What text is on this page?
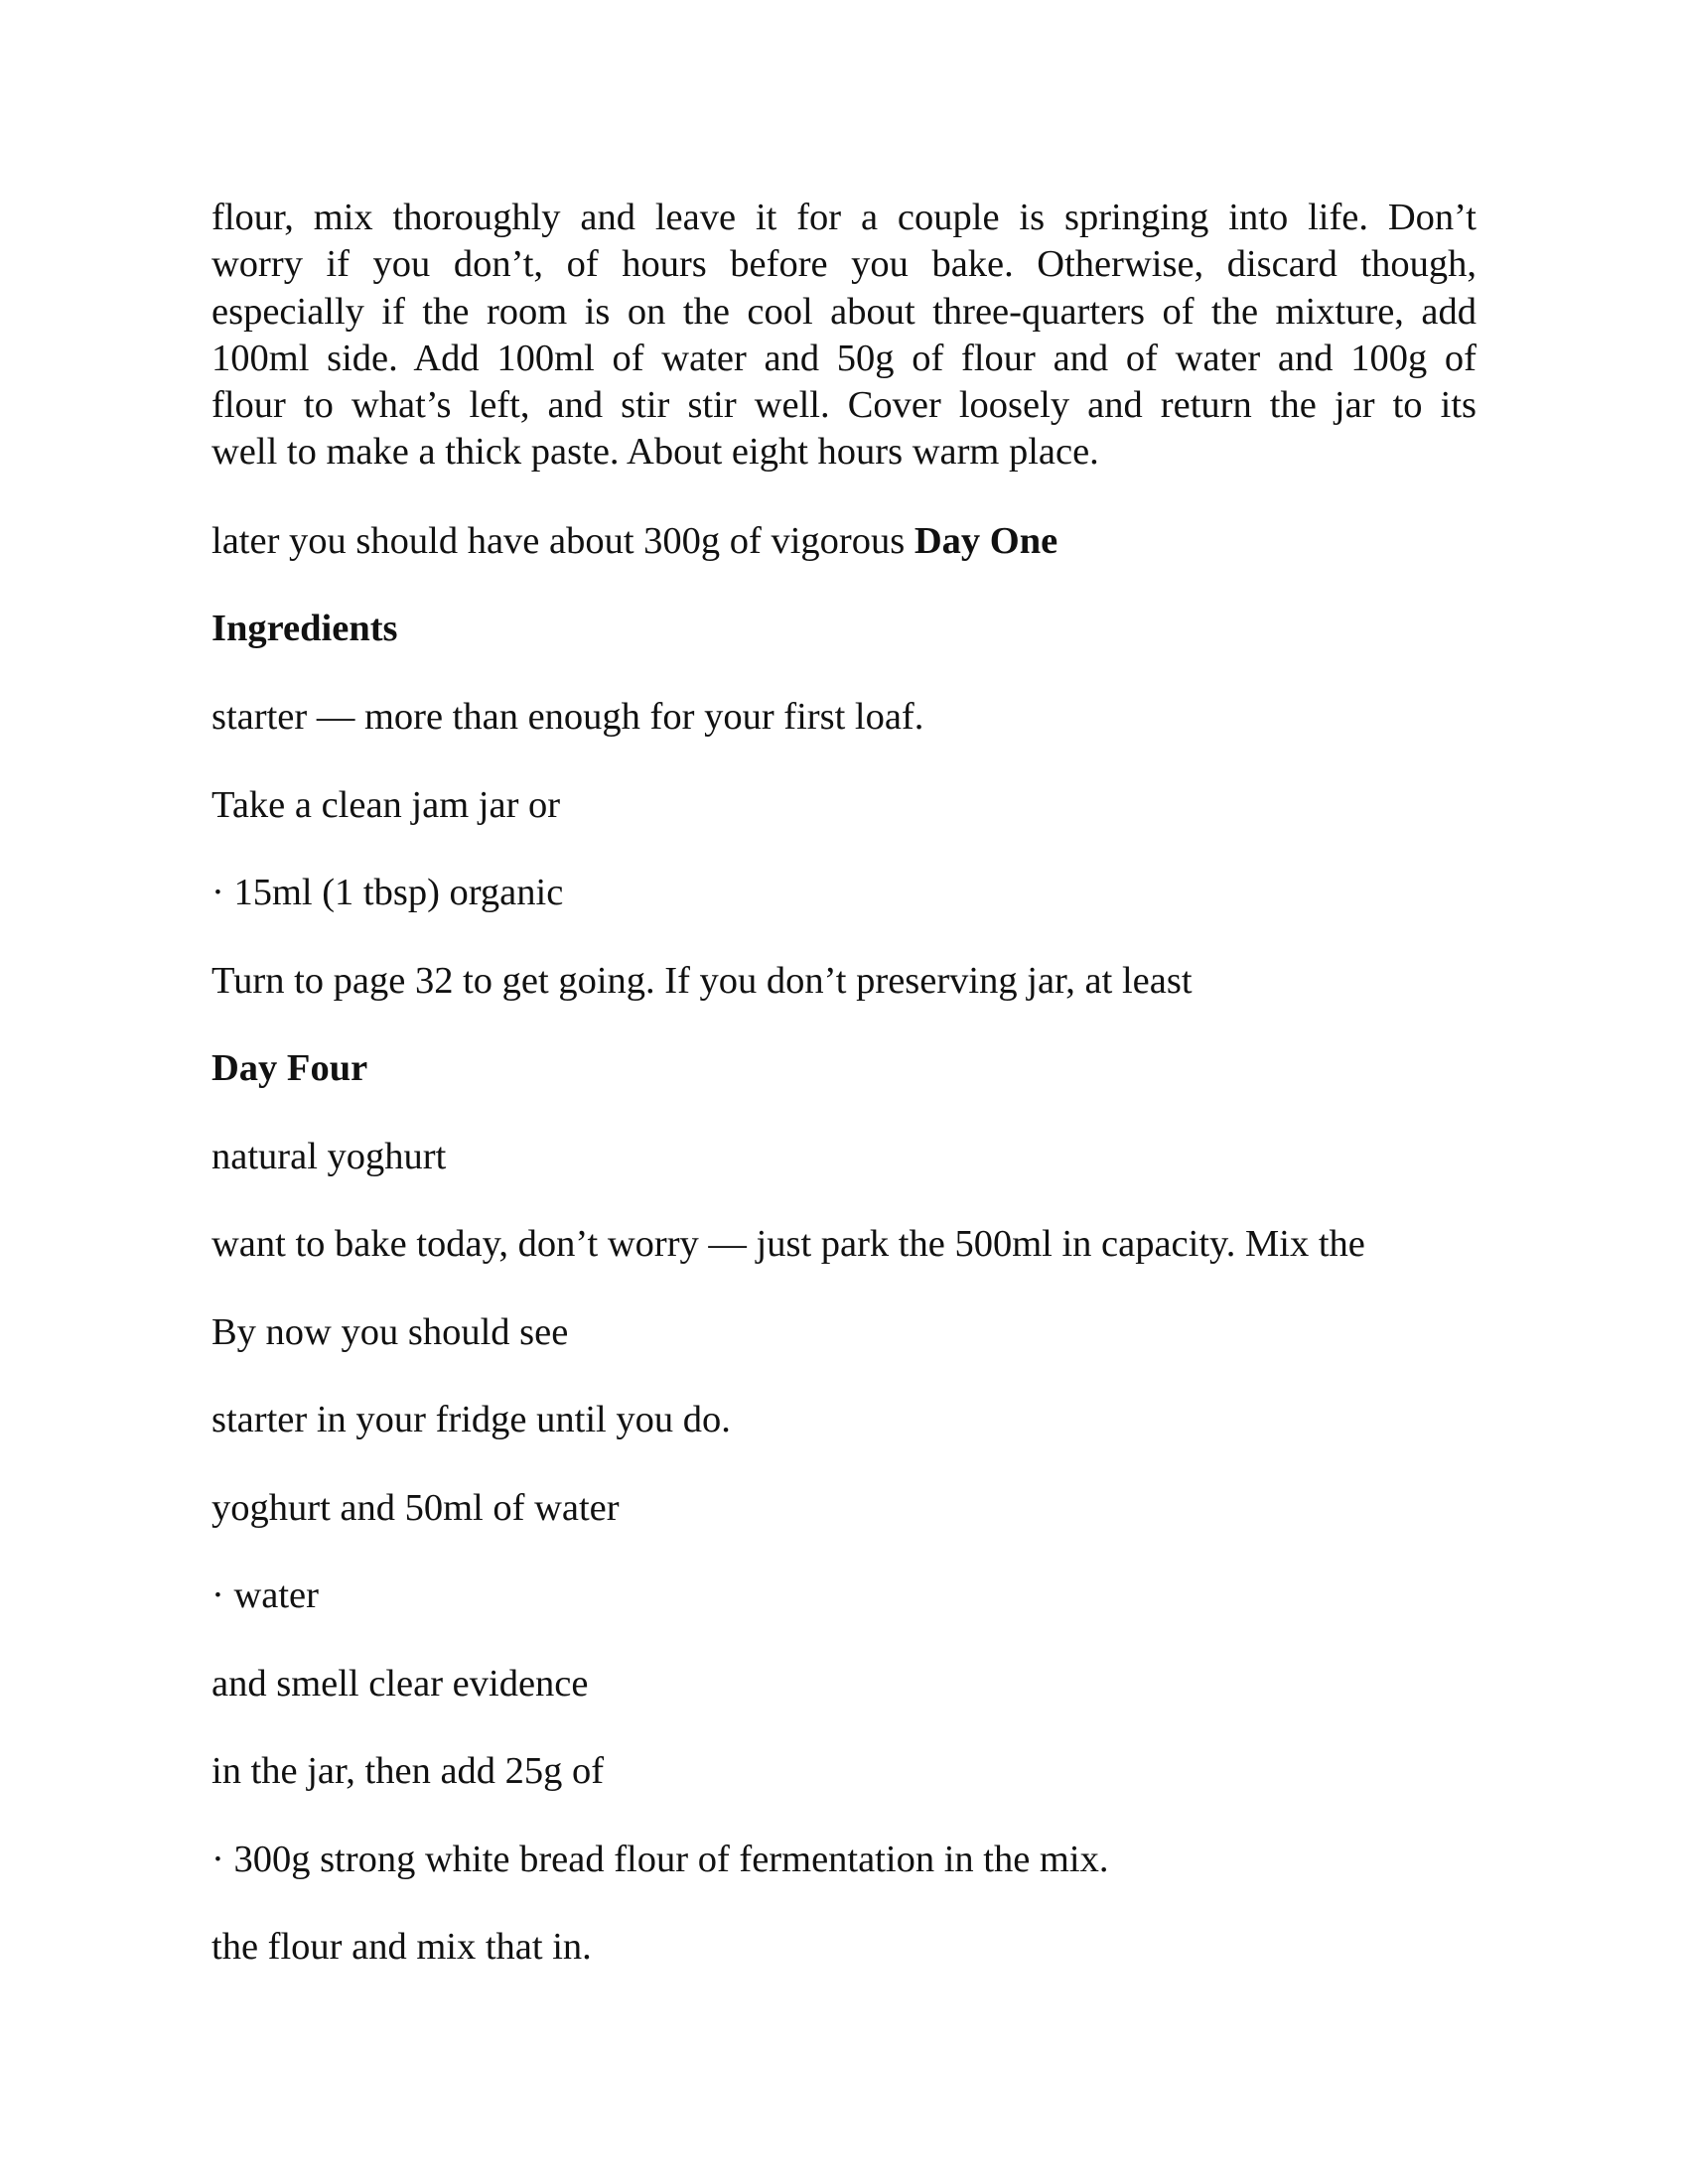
flour, mix thoroughly and leave it for a couple is springing into life. Don’t
worry if you don’t, of hours before you bake. Otherwise, discard though,
especially if the room is on the cool about three-quarters of the mixture, add
100ml side. Add 100ml of water and 50g of flour and of water and 100g of
flour to what’s left, and stir stir well. Cover loosely and return the jar to its
well to make a thick paste. About eight hours warm place.

later you should have about 300g of vigorous Day One

Ingredients

starter — more than enough for your first loaf.

Take a clean jam jar or

· 15ml (1 tbsp) organic

Turn to page 32 to get going. If you don’t preserving jar, at least

Day Four

natural yoghurt

want to bake today, don’t worry — just park the 500ml in capacity. Mix the

By now you should see

starter in your fridge until you do.

yoghurt and 50ml of water

· water

and smell clear evidence

in the jar, then add 25g of

· 300g strong white bread flour of fermentation in the mix.

the flour and mix that in.
